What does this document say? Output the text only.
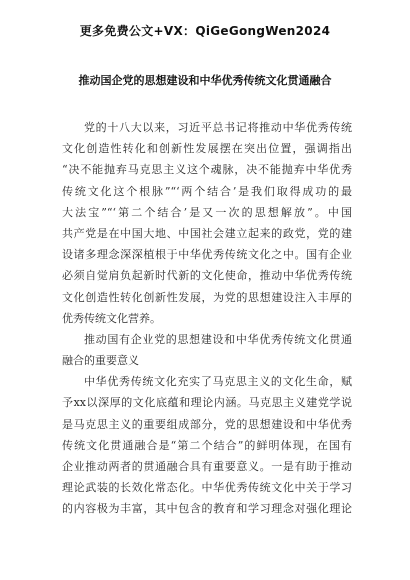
更多免费公文+VX：QiGeGongWen2024
推动国企党的思想建设和中华优秀传统文化贯通融合
党的十八大以来，习近平总书记将推动中华优秀传统
文化创造性转化和创新性发展摆在突出位置，强调指出
“决不能抛弃马克思主义这个魂脉，决不能抛弃中华优秀
传统文化这个根脉”“‘两个结合’是我们取得成功的最
大法宝”“‘第二个结合’是又一次的思想解放”。中国
共产党是在中国大地、中国社会建立起来的政党，党的建
设诸多理念深深植根于中华优秀传统文化之中。国有企业
必须自觉肩负起新时代新的文化使命，推动中华优秀传统
文化创造性转化创新性发展，为党的思想建设注入丰厚的
优秀传统文化营养。
推动国有企业党的思想建设和中华优秀传统文化贯通
融合的重要意义
中华优秀传统文化充实了马克思主义的文化生命，赋
予xx以深厚的文化底蕴和理论内涵。马克思主义建党学说
是马克思主义的重要组成部分，党的思想建设和中华优秀
传统文化贯通融合是“第二个结合”的鲜明体现，在国有
企业推动两者的贯通融合具有重要意义。一是有助于推动
理论武装的长效化常态化。中华优秀传统文化中关于学习
的内容极为丰富，其中包含的教育和学习理念对强化理论
